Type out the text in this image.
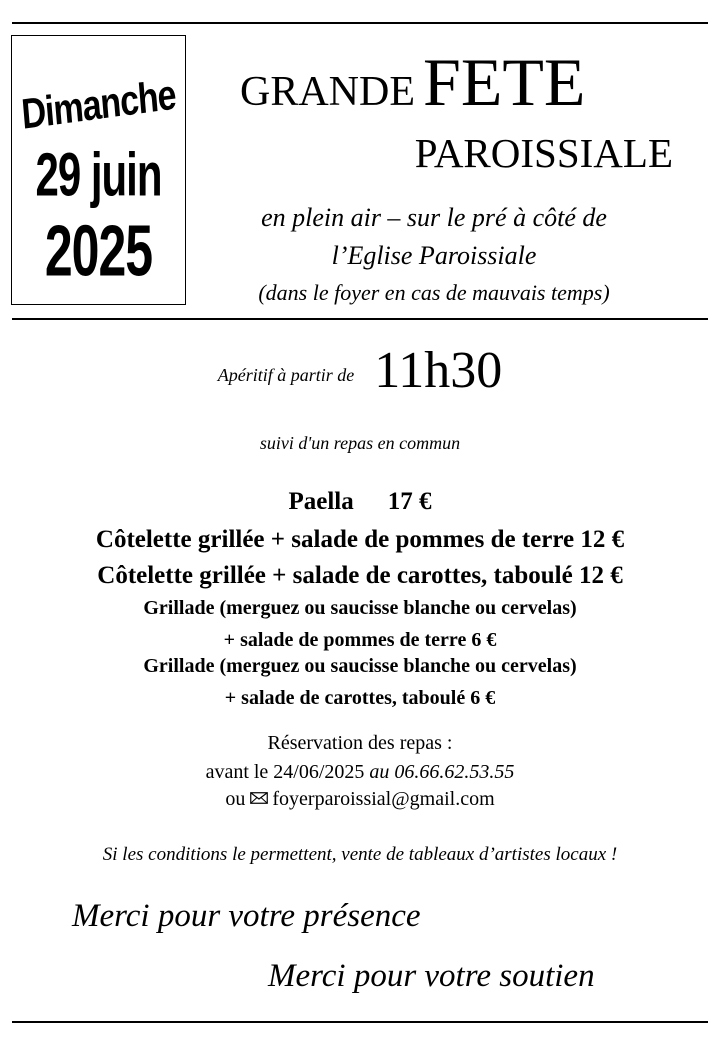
Dimanche
29 juin
2025
GRANDE FETE
PAROISSIALE
en plein air – sur le pré à côté de
l’Eglise Paroissiale
(dans le foyer en cas de mauvais temps)
Apéritif à partir de 11h30
suivi d'un repas en commun
Paella 17 €
Côtelette grillée + salade de pommes de terre 12 €
Côtelette grillée + salade de carottes, taboulé 12 €
Grillade (merguez ou saucisse blanche ou cervelas)
+ salade de pommes de terre 6 €
Grillade (merguez ou saucisse blanche ou cervelas)
+ salade de carottes, taboulé 6 €
Réservation des repas :
avant le 24/06/2025 au 06.66.62.53.55
ou foyerparoissial@gmail.com
Si les conditions le permettent, vente de tableaux d’artistes locaux !
Merci pour votre présence
Merci pour votre soutien
